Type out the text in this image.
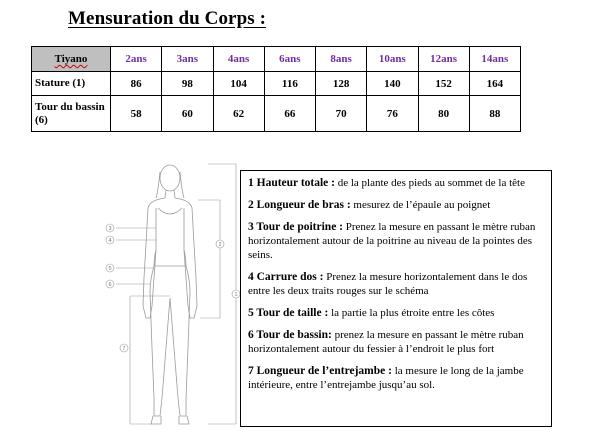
Mensuration du Corps :
Tiyano	2ans	3ans	4ans	6ans	8ans	10ans	12ans	14ans
Stature (1)	86	98	104	116	128	140	152	164
Tour du bassin (6)	58	60	62	66	70	76	80	88
1
2
3
4
5
6
7
1 Hauteur totale : de la plante des pieds au sommet de la tête
2 Longueur de bras : mesurez de l’épaule au poignet
3 Tour de poitrine : Prenez la mesure en passant le mètre ruban horizontalement autour de la poitrine au niveau de la pointes des seins.
4 Carrure dos : Prenez la mesure horizontalement dans le dos entre les deux traits rouges sur le schéma
5 Tour de taille : la partie la plus étroite entre les côtes
6 Tour de bassin: prenez la mesure en passant le mètre ruban horizontalement autour du fessier à l’endroit le plus fort
7 Longueur de l’entrejambe : la mesure le long de la jambe intérieure, entre l’entrejambe jusqu’au sol.
